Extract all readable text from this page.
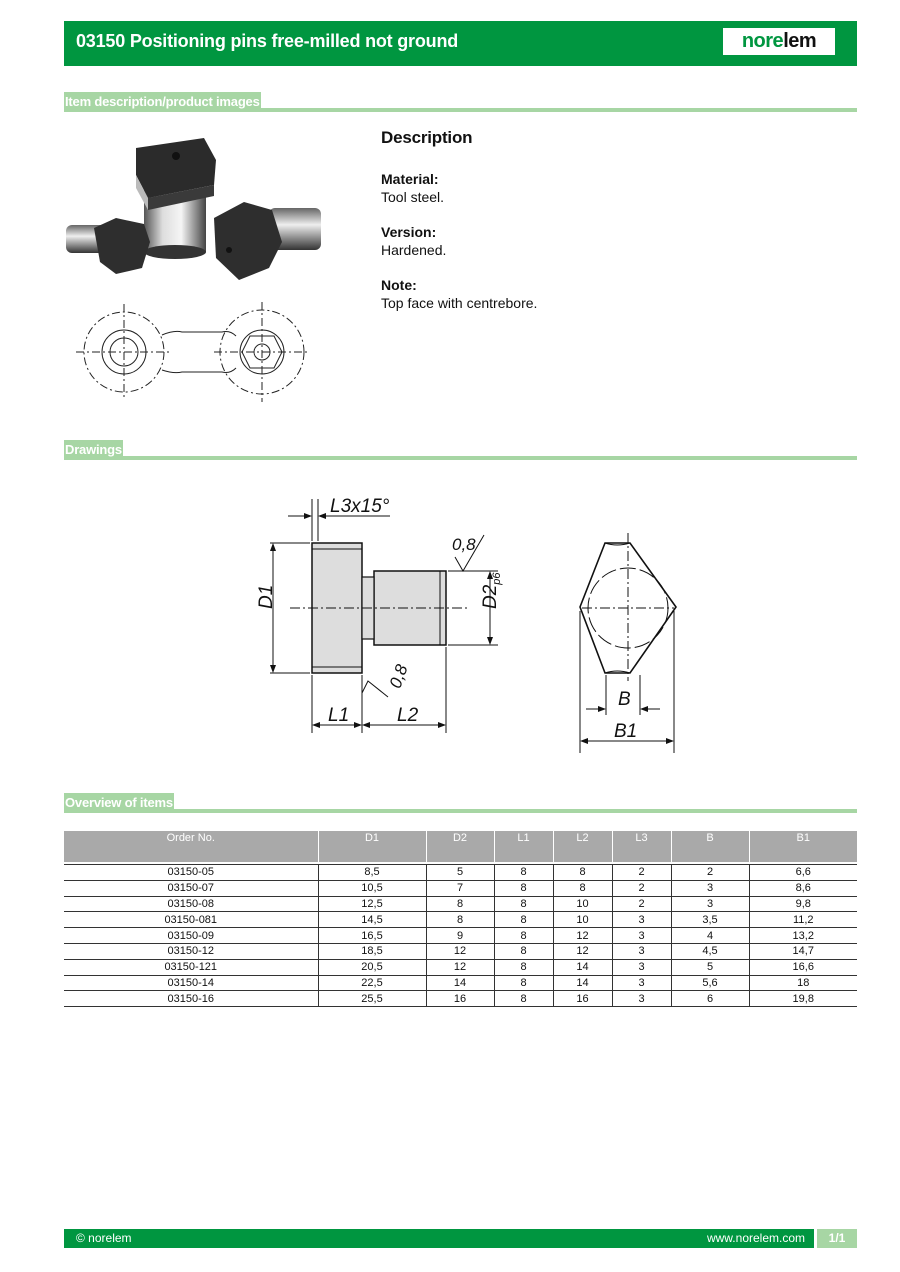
03150 Positioning pins free-milled not ground	norelem
Item description/product images
Description

Material:

Tool steel.

Version:

Hardened.

Note:

Top face with centrebore.

Drawings
L3x15°
D1	$D2_{p6}$
0,8
0,8
L1	L2
B
B1
Overview of items
Order No.	D1	D2	L1	L2	L3	B	B1

03150-05	8,5	5	8	8	2	2	6,6
03150-07	10,5	7	8	8	2	3	8,6
03150-08	12,5	8	8	10	2	3	9,8
03150-081	14,5	8	8	10	3	3,5	11,2
03150-09	16,5	9	8	12	3	4	13,2
03150-12	18,5	12	8	12	3	4,5	14,7
03150-121	20,5	12	8	14	3	5	16,6
03150-14	22,5	14	8	14	3	5,6	18
03150-16	25,5	16	8	16	3	6	19,8
© norelem	www.norelem.com	1/1
